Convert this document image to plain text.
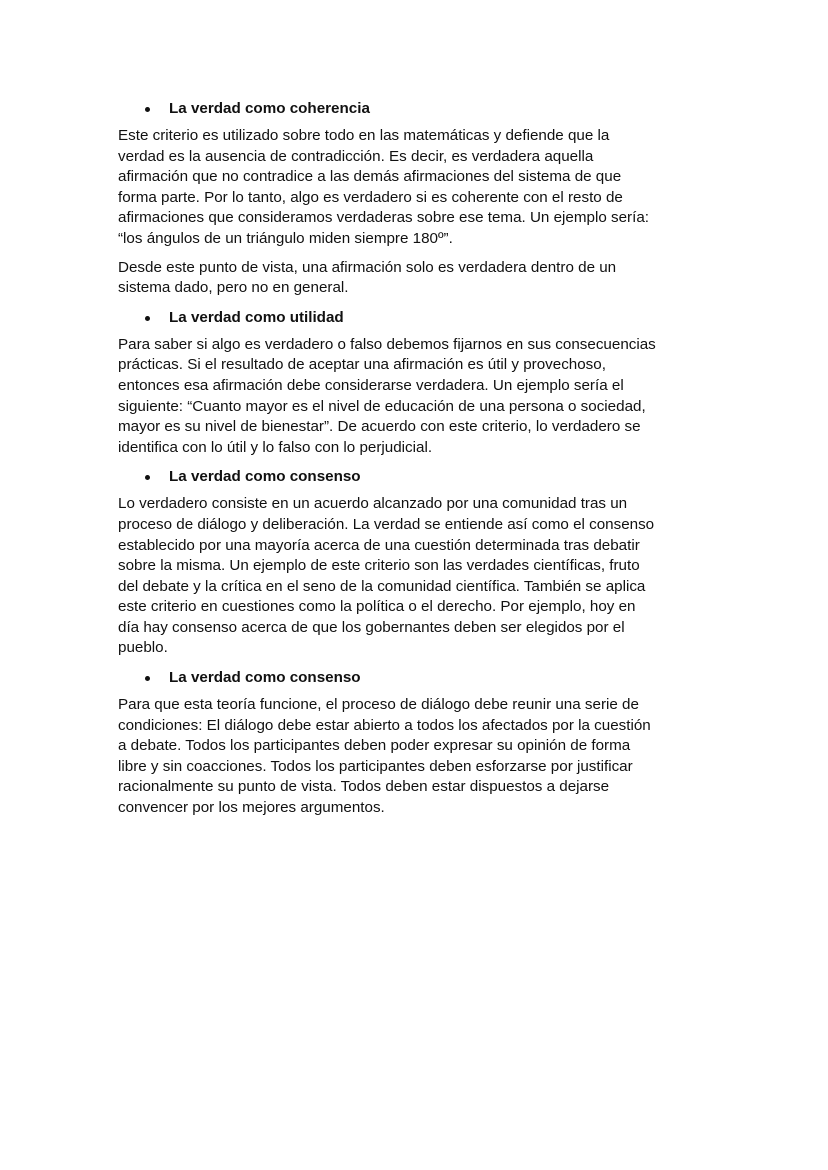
La verdad como coherencia

Este criterio es utilizado sobre todo en las matemáticas y defiende que la
verdad es la ausencia de contradicción. Es decir, es verdadera aquella
afirmación que no contradice a las demás afirmaciones del sistema de que
forma parte. Por lo tanto, algo es verdadero si es coherente con el resto de
afirmaciones que consideramos verdaderas sobre ese tema. Un ejemplo sería:
“los ángulos de un triángulo miden siempre 180º”.

Desde este punto de vista, una afirmación solo es verdadera dentro de un
sistema dado, pero no en general.

La verdad como utilidad

Para saber si algo es verdadero o falso debemos fijarnos en sus consecuencias
prácticas. Si el resultado de aceptar una afirmación es útil y provechoso,
entonces esa afirmación debe considerarse verdadera. Un ejemplo sería el
siguiente: “Cuanto mayor es el nivel de educación de una persona o sociedad,
mayor es su nivel de bienestar”. De acuerdo con este criterio, lo verdadero se
identifica con lo útil y lo falso con lo perjudicial.

La verdad como consenso

Lo verdadero consiste en un acuerdo alcanzado por una comunidad tras un
proceso de diálogo y deliberación. La verdad se entiende así como el consenso
establecido por una mayoría acerca de una cuestión determinada tras debatir
sobre la misma. Un ejemplo de este criterio son las verdades científicas, fruto
del debate y la crítica en el seno de la comunidad científica. También se aplica
este criterio en cuestiones como la política o el derecho. Por ejemplo, hoy en
día hay consenso acerca de que los gobernantes deben ser elegidos por el
pueblo.

La verdad como consenso

Para que esta teoría funcione, el proceso de diálogo debe reunir una serie de
condiciones: El diálogo debe estar abierto a todos los afectados por la cuestión
a debate. Todos los participantes deben poder expresar su opinión de forma
libre y sin coacciones. Todos los participantes deben esforzarse por justificar
racionalmente su punto de vista. Todos deben estar dispuestos a dejarse
convencer por los mejores argumentos.
